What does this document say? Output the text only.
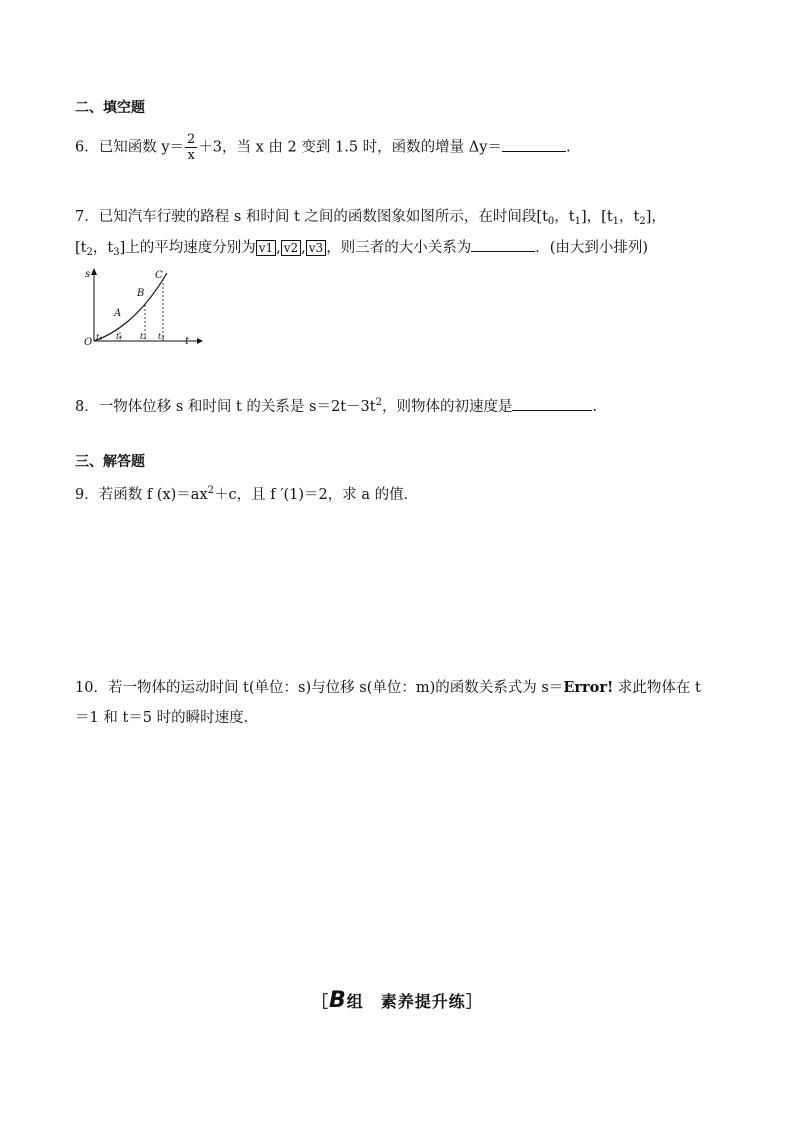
二、填空题
6．已知函数 $y= \frac{2}{x} +3$，当 x 由 2 变到 1.5 时，函数的增量 Δy＝	.
7．已知汽车行驶的路程 s 和时间 t 之间的函数图象如图所示，在时间段[$t_0$，$t_1$]，[$t_1$，$t_2$]，
[$t_2$，$t_3$]上的平均速度分别为 v1 , v2 , v3 ，则三者的大小关系为	．(由大到小排列)
s
t
O
A
B
C
t₀ t₁ t₂ t₃
8．一物体位移 s 和时间 t 的关系是 $s=2t-3t^2$，则物体的初速度是	.
三、解答题
9．若函数 f $(x)=ax^2+c$，且 f ′(1)＝2，求 a 的值．
10．若一物体的运动时间 t(单位：s)与位移 s(单位：m)的函数关系式为 s＝Error! 求此物体在 t
＝1 和 t＝5 时的瞬时速度.
［B组　素养提升练］
